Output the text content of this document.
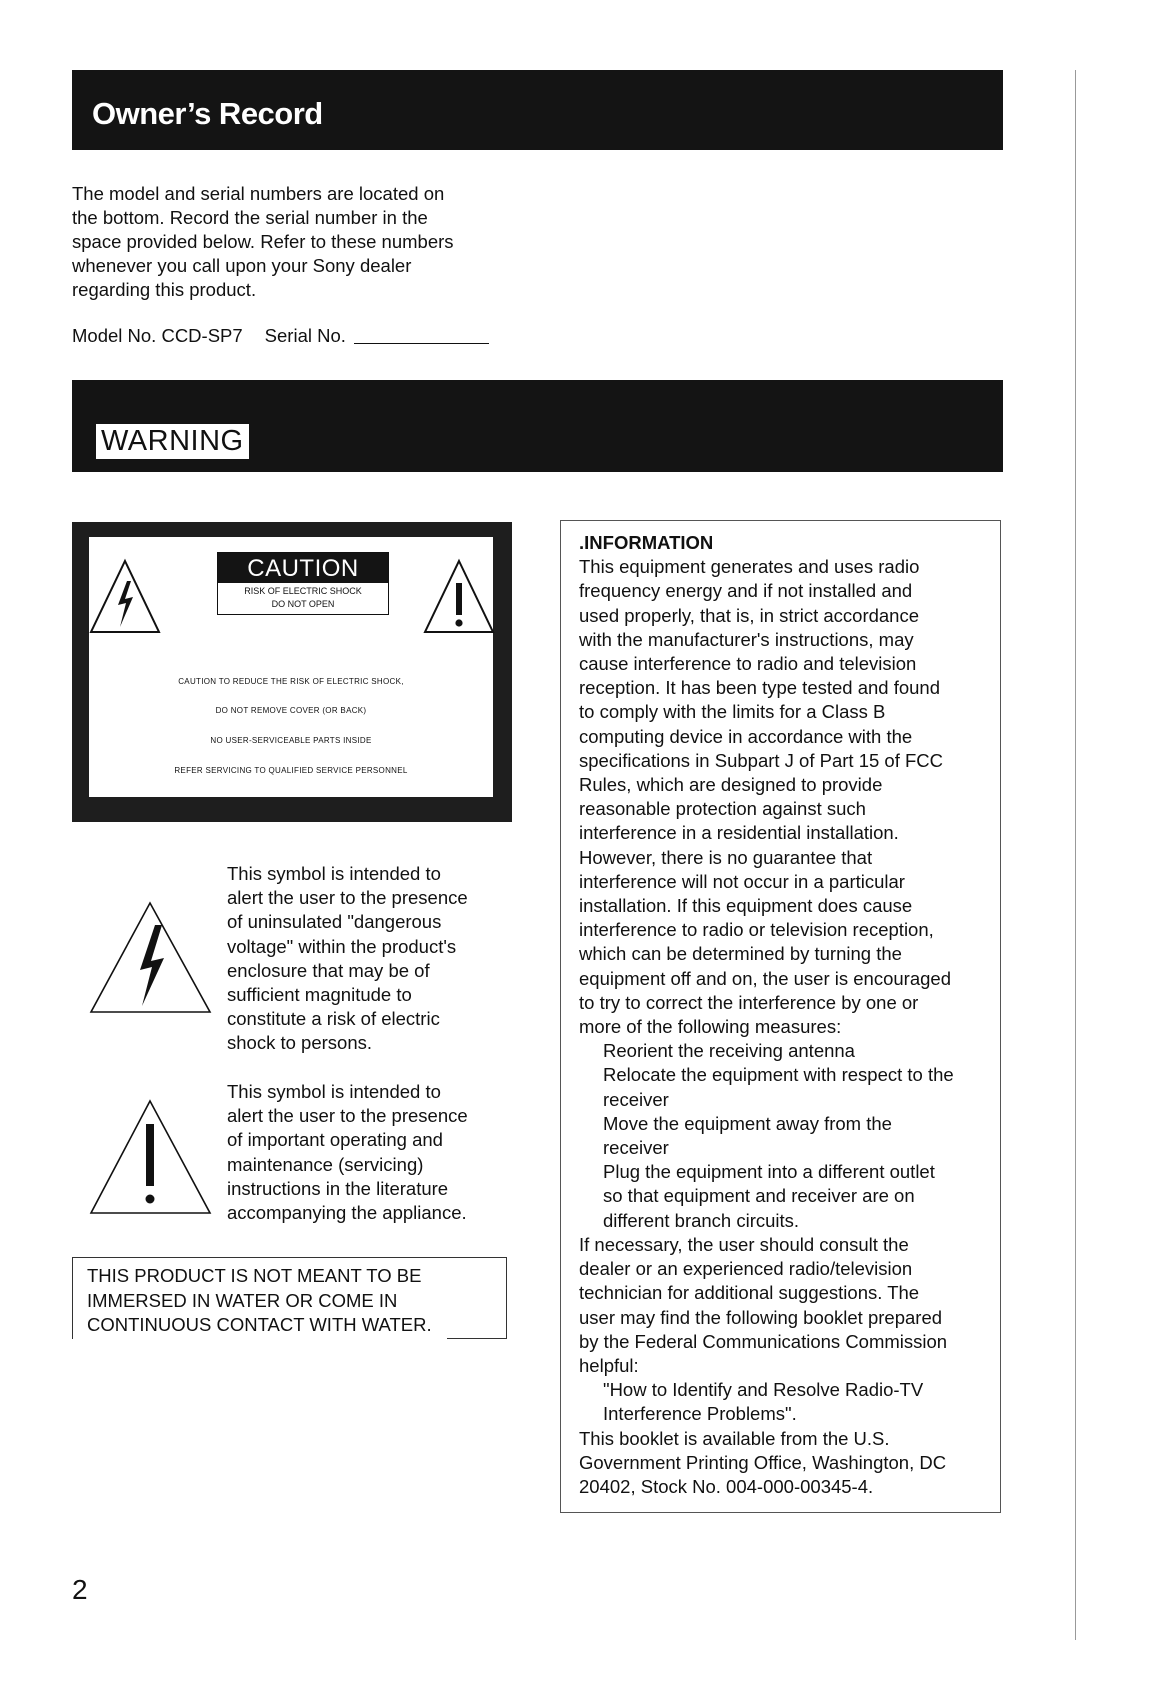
Owner’s Record
The model and serial numbers are located on
the bottom. Record the serial number in the
space provided below. Refer to these numbers
whenever you call upon your Sony dealer
regarding this product.
Model No. CCD-SP7 Serial No.
WARNING
CAUTION
RISK OF ELECTRIC SHOCK
DO NOT OPEN
CAUTION TO REDUCE THE RISK OF ELECTRIC SHOCK,
DO NOT REMOVE COVER (OR BACK)
NO USER-SERVICEABLE PARTS INSIDE
REFER SERVICING TO QUALIFIED SERVICE PERSONNEL
This symbol is intended to
alert the user to the presence
of uninsulated "dangerous
voltage" within the product's
enclosure that may be of
sufficient magnitude to
constitute a risk of electric
shock to persons.
This symbol is intended to
alert the user to the presence
of important operating and
maintenance (servicing)
instructions in the literature
accompanying the appliance.
THIS PRODUCT IS NOT MEANT TO BE
IMMERSED IN WATER OR COME IN
CONTINUOUS CONTACT WITH WATER.
.INFORMATION
This equipment generates and uses radio
frequency energy and if not installed and
used properly, that is, in strict accordance
with the manufacturer's instructions, may
cause interference to radio and television
reception. It has been type tested and found
to comply with the limits for a Class B
computing device in accordance with the
specifications in Subpart J of Part 15 of FCC
Rules, which are designed to provide
reasonable protection against such
interference in a residential installation.
However, there is no guarantee that
interference will not occur in a particular
installation. If this equipment does cause
interference to radio or television reception,
which can be determined by turning the
equipment off and on, the user is encouraged
to try to correct the interference by one or
more of the following measures:
Reorient the receiving antenna
Relocate the equipment with respect to the
receiver
Move the equipment away from the
receiver
Plug the equipment into a different outlet
so that equipment and receiver are on
different branch circuits.
If necessary, the user should consult the
dealer or an experienced radio/television
technician for additional suggestions. The
user may find the following booklet prepared
by the Federal Communications Commission
helpful:
"How to Identify and Resolve Radio-TV
Interference Problems".
This booklet is available from the U.S.
Government Printing Office, Washington, DC
20402, Stock No. 004-000-00345-4.
2
